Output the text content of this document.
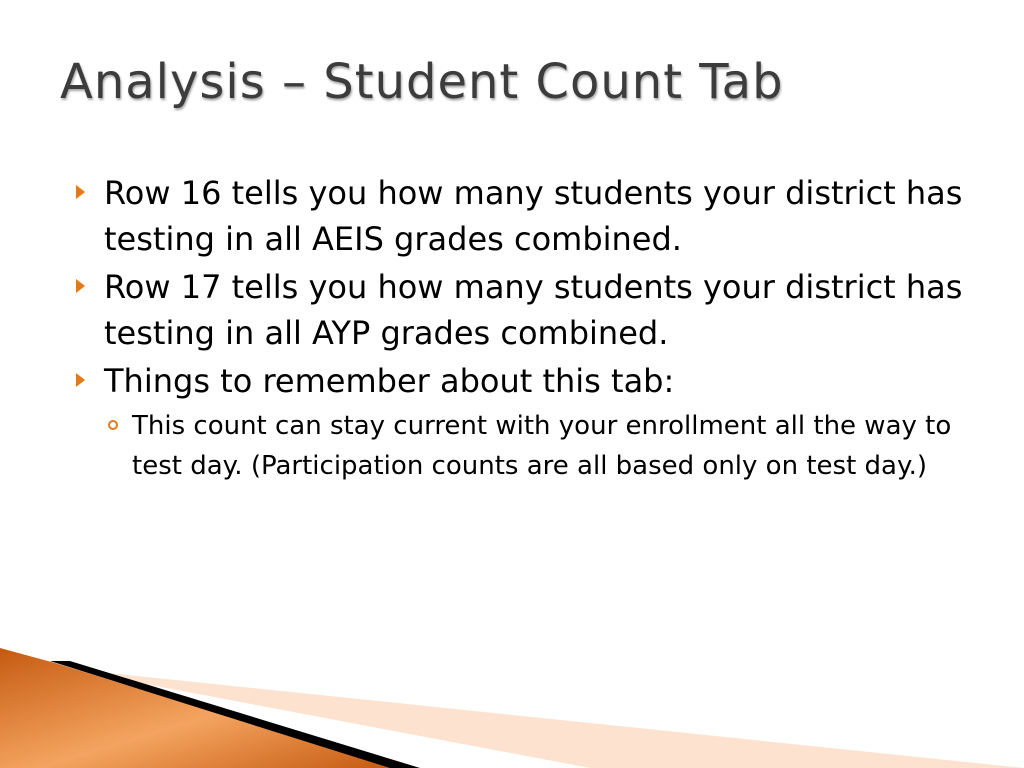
Analysis – Student Count Tab
Row 16 tells you how many students your district has testing in all AEIS grades combined.
Row 17 tells you how many students your district has testing in all AYP grades combined.
Things to remember about this tab:
This count can stay current with your enrollment all the way to test day. (Participation counts are all based only on test day.)
